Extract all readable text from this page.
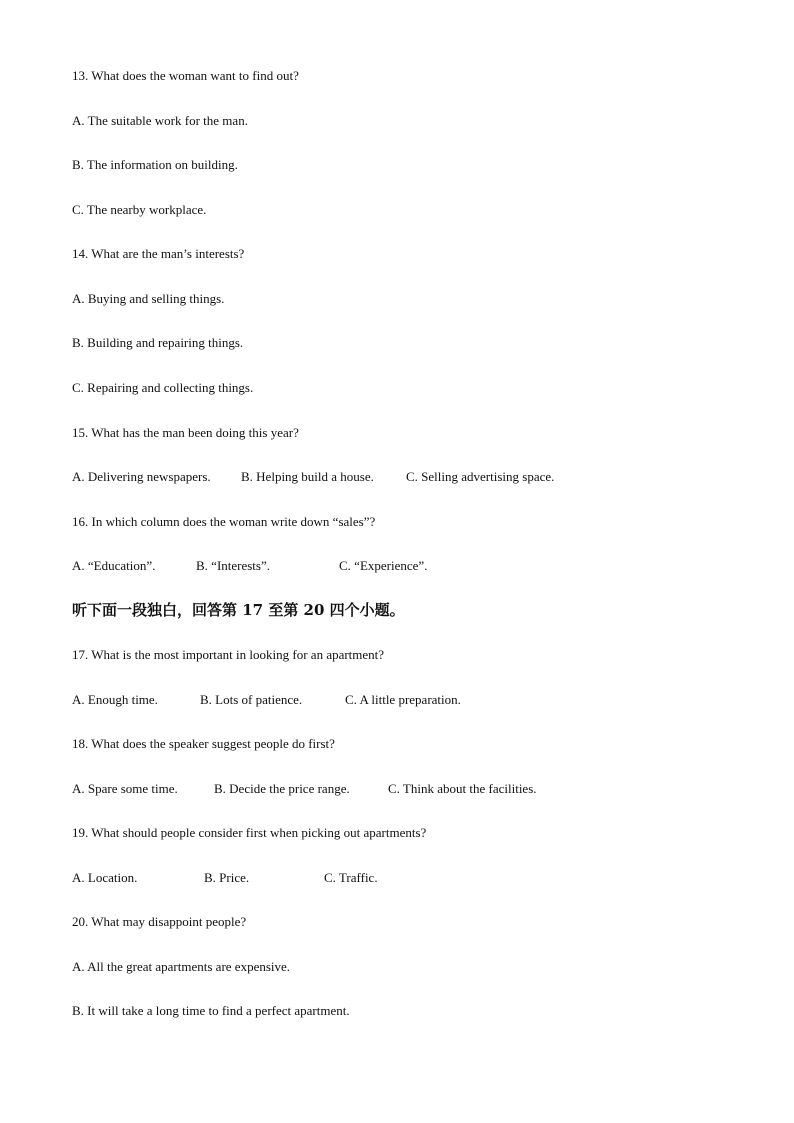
13. What does the woman want to find out?
A. The suitable work for the man.
B. The information on building.
C. The nearby workplace.
14. What are the man’s interests?
A. Buying and selling things.
B. Building and repairing things.
C. Repairing and collecting things.
15. What has the man been doing this year?
A. Delivering newspapers. B. Helping build a house. C. Selling advertising space.
16. In which column does the woman write down “sales”?
A. “Education”.	B. “Interests”.	C. “Experience”.
听下面一段独白，回答第 17 至第 20 四个小题。
17. What is the most important in looking for an apartment?
A. Enough time.	B. Lots of patience.	C. A little preparation.
18. What does the speaker suggest people do first?
A. Spare some time.	B. Decide the price range.	C. Think about the facilities.
19. What should people consider first when picking out apartments?
A. Location.	B. Price.	C. Traffic.
20. What may disappoint people?
A. All the great apartments are expensive.
B. It will take a long time to find a perfect apartment.
